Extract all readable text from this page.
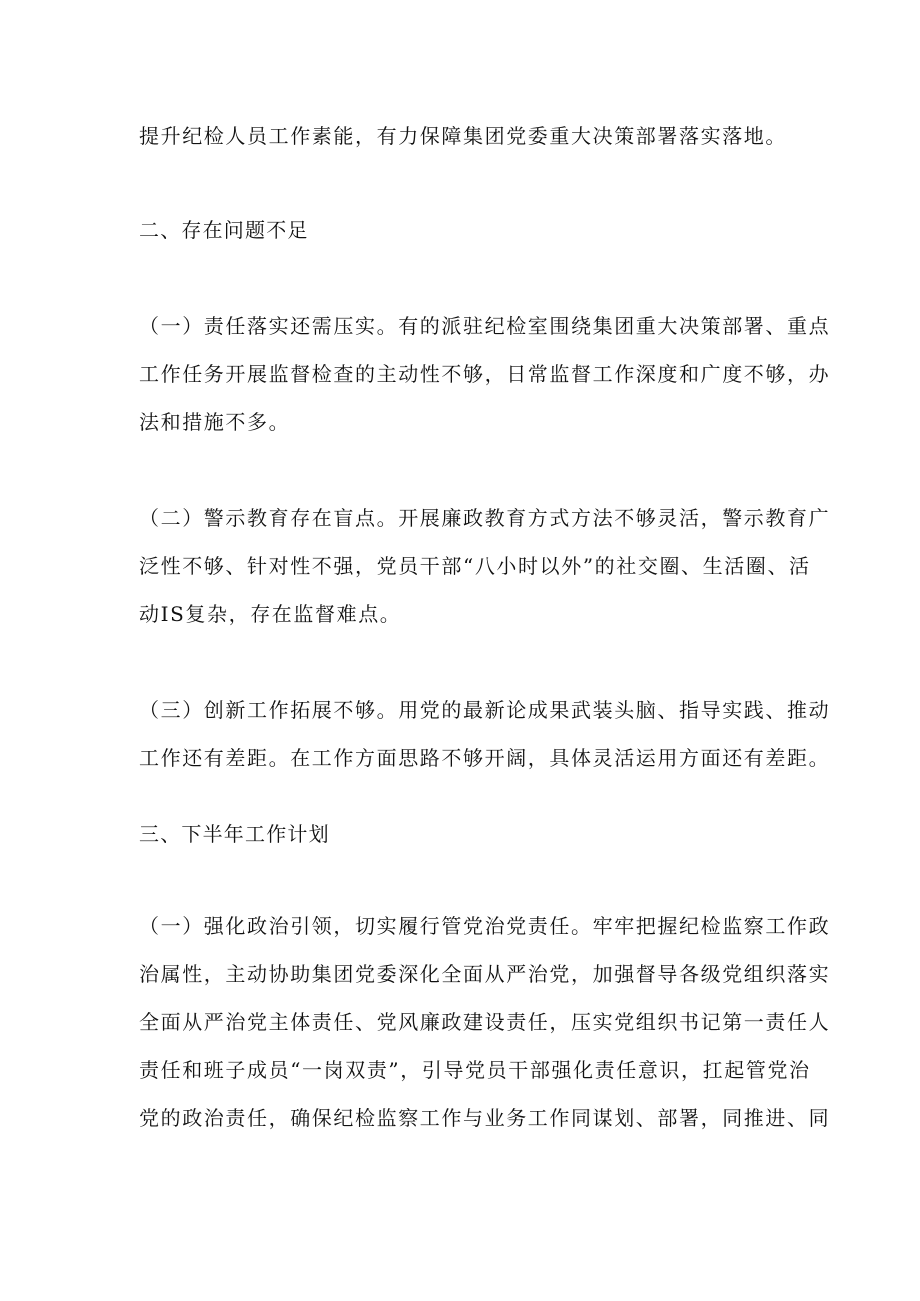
提升纪检人员工作素能，有力保障集团党委重大决策部署落实落地。
二、存在问题不足
（一）责任落实还需压实。有的派驻纪检室围绕集团重大决策部署、重点
工作任务开展监督检查的主动性不够，日常监督工作深度和广度不够，办
法和措施不多。
（二）警示教育存在盲点。开展廉政教育方式方法不够灵活，警示教育广
泛性不够、针对性不强，党员干部“八小时以外”的社交圈、生活圈、活
动IS复杂，存在监督难点。
（三）创新工作拓展不够。用党的最新论成果武装头脑、指导实践、推动
工作还有差距。在工作方面思路不够开阔，具体灵活运用方面还有差距。
三、下半年工作计划
（一）强化政治引领，切实履行管党治党责任。牢牢把握纪检监察工作政
治属性，主动协助集团党委深化全面从严治党，加强督导各级党组织落实
全面从严治党主体责任、党风廉政建设责任，压实党组织书记第一责任人
责任和班子成员“一岗双责”，引导党员干部强化责任意识，扛起管党治
党的政治责任，确保纪检监察工作与业务工作同谋划、部署，同推进、同
